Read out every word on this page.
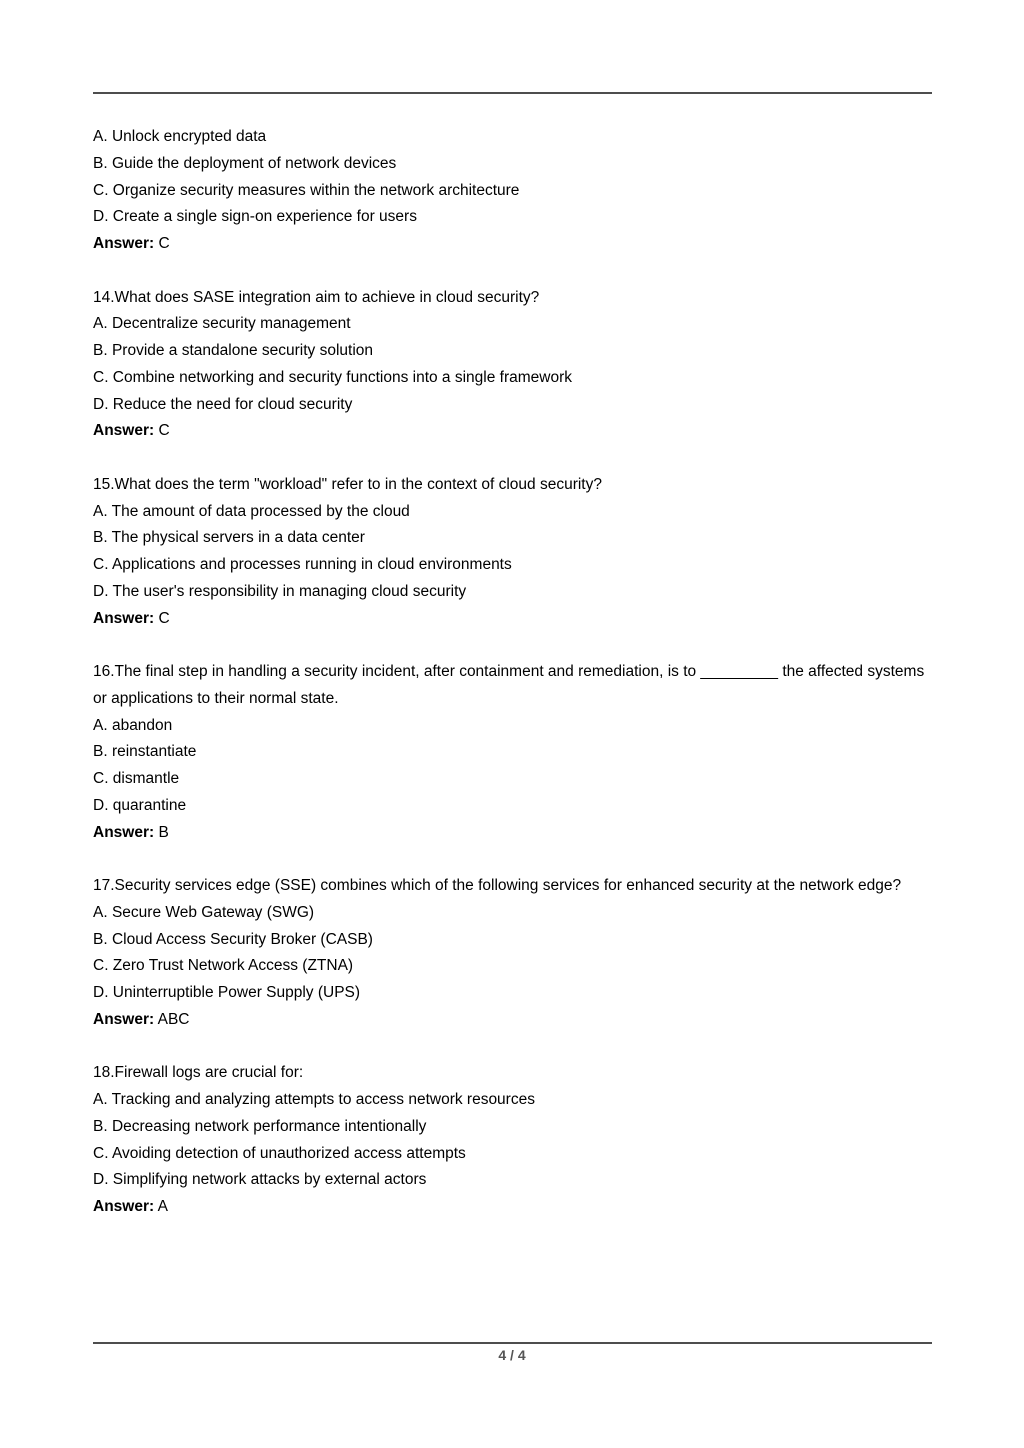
A. Unlock encrypted data

B. Guide the deployment of network devices

C. Organize security measures within the network architecture

D. Create a single sign-on experience for users

Answer: C

14.What does SASE integration aim to achieve in cloud security?

A. Decentralize security management

B. Provide a standalone security solution

C. Combine networking and security functions into a single framework

D. Reduce the need for cloud security

Answer: C

15.What does the term "workload" refer to in the context of cloud security?

A. The amount of data processed by the cloud

B. The physical servers in a data center

C. Applications and processes running in cloud environments

D. The user's responsibility in managing cloud security

Answer: C

16.The final step in handling a security incident, after containment and remediation, is to _________ the affected systems or applications to their normal state.

A. abandon

B. reinstantiate

C. dismantle

D. quarantine

Answer: B

17.Security services edge (SSE) combines which of the following services for enhanced security at the network edge?

A. Secure Web Gateway (SWG)

B. Cloud Access Security Broker (CASB)

C. Zero Trust Network Access (ZTNA)

D. Uninterruptible Power Supply (UPS)

Answer: ABC

18.Firewall logs are crucial for:

A. Tracking and analyzing attempts to access network resources

B. Decreasing network performance intentionally

C. Avoiding detection of unauthorized access attempts

D. Simplifying network attacks by external actors

Answer: A

4 / 4
